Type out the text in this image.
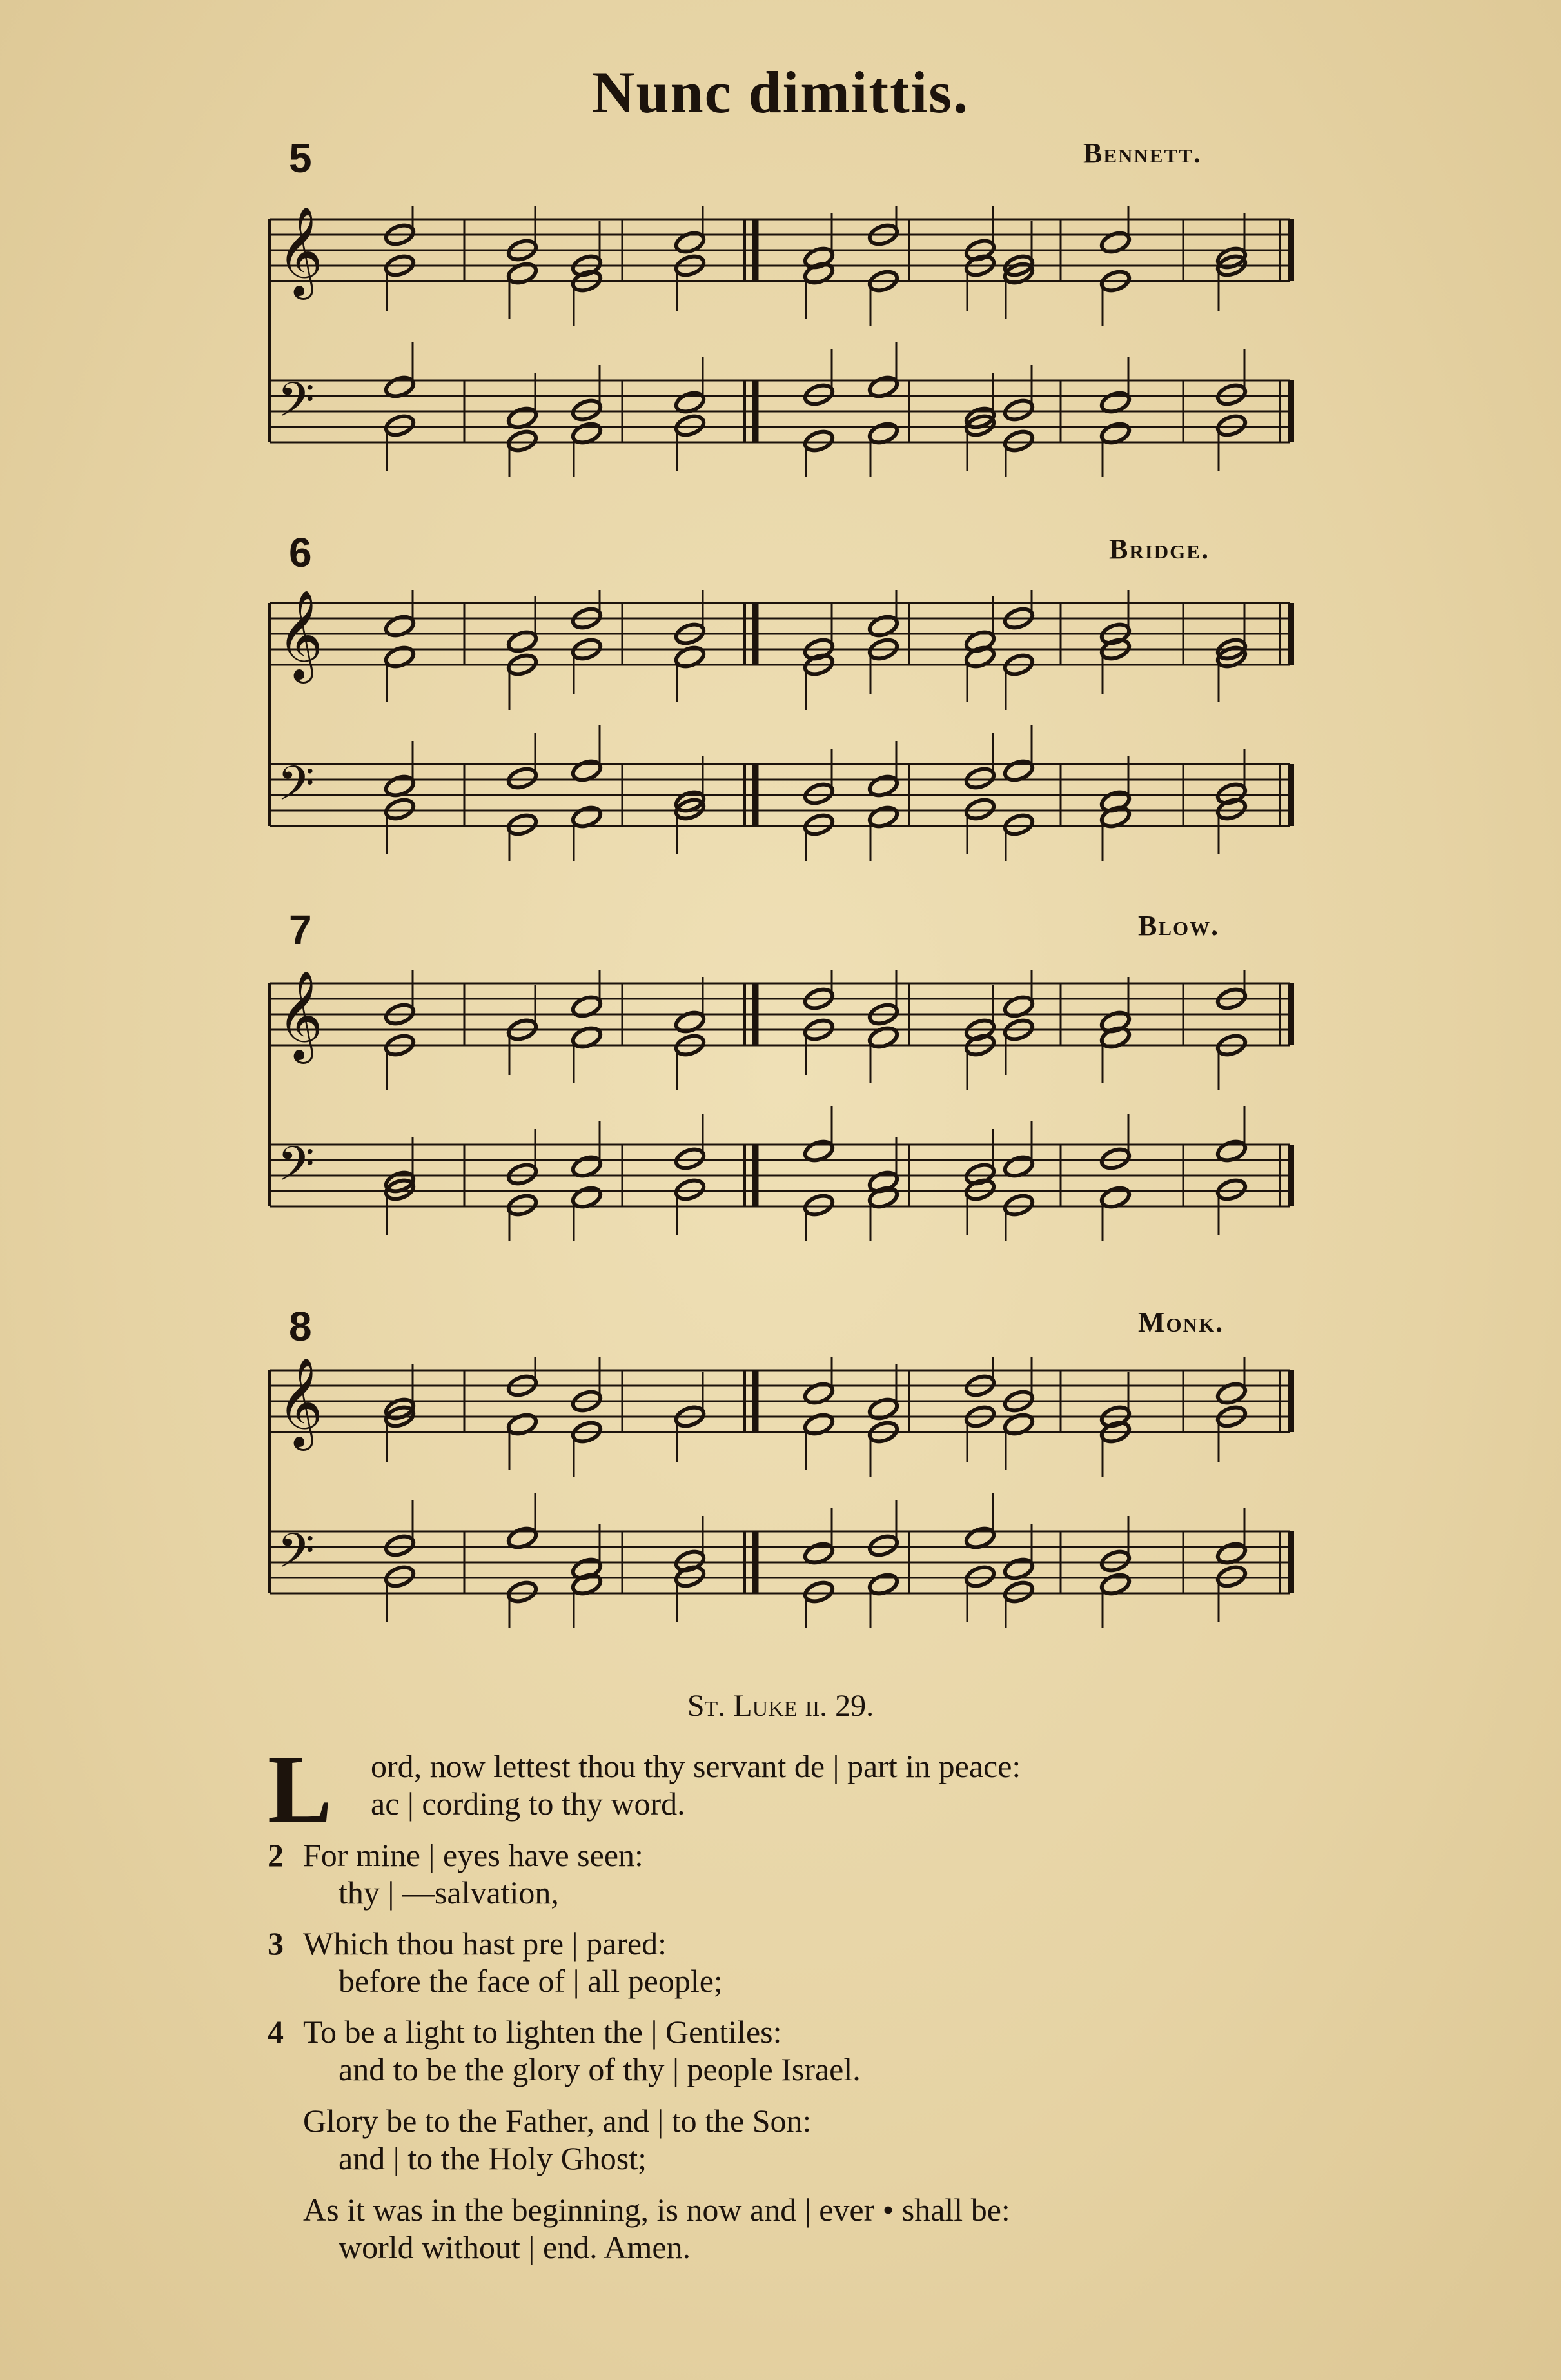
Nunc dimittis.
5	Bennett.
𝄞
𝄢
6	Bridge.
𝄞
𝄢
7	Blow.
𝄞
𝄢
8	Monk.
𝄞
𝄢
St. Luke ii. 29.
L	ord, now lettest thou thy servant de | part in peace:
ac | cording to thy word.
2 For mine | eyes have seen:
thy | —salvation,
3 Which thou hast pre | pared:
before the face of | all people;
4 To be a light to lighten the | Gentiles:
and to be the glory of thy | people Israel.
Glory be to the Father, and | to the Son:
and | to the Holy Ghost;
As it was in the beginning, is now and | ever • shall be:
world without | end. Amen.
